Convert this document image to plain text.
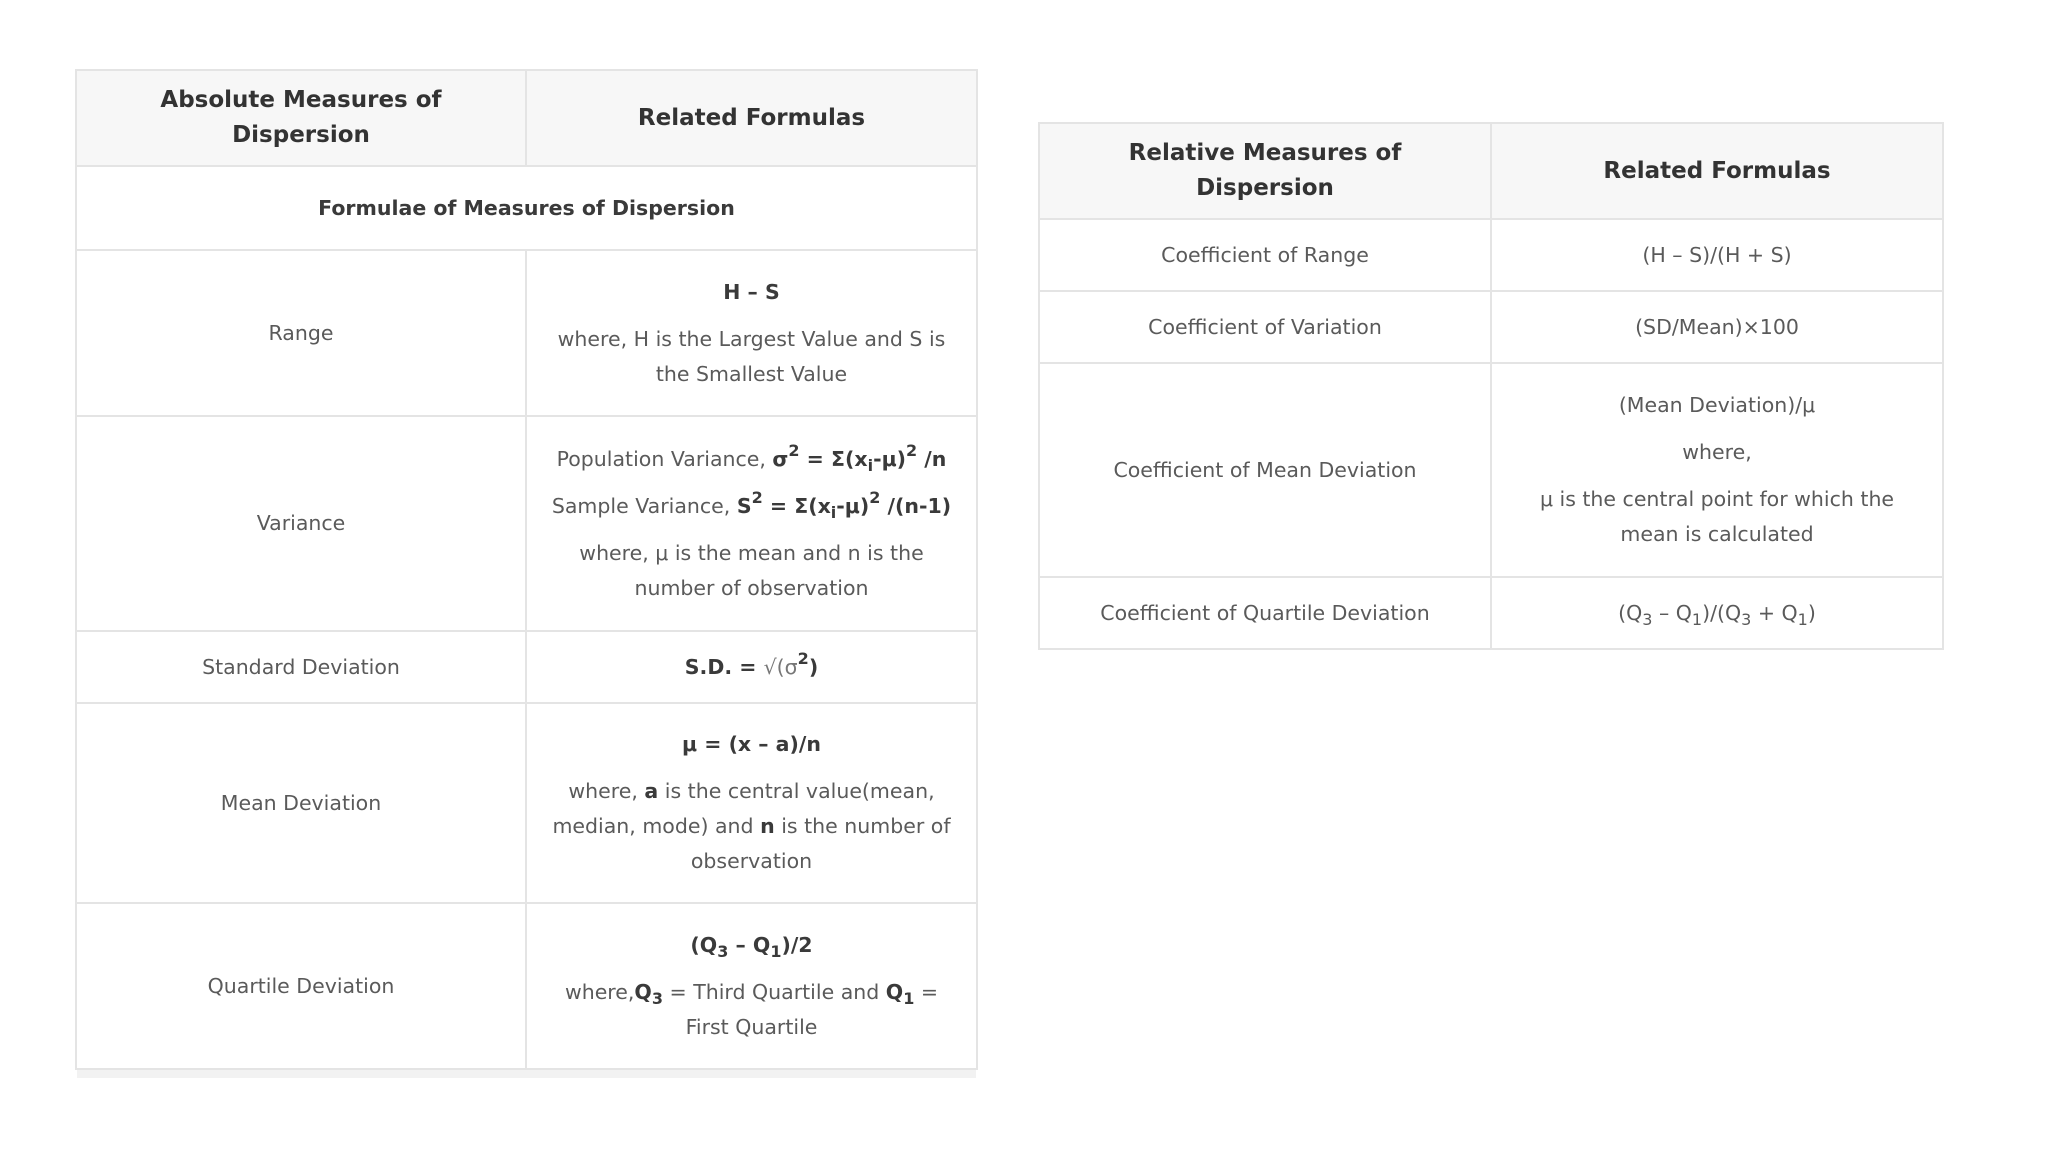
Absolute Measures of Dispersion	Related Formulas
Formulae of Measures of Dispersion	
Range	H – S

where, H is the Largest Value and S is the Smallest Value

Variance	Population Variance, $\sigma^2 = \Sigma(x_i-\mu)^2$ /n

Sample Variance, $S^2 = \Sigma(x_i-\mu)^2$ /(n-1)

where, μ is the mean and n is the number of observation

Standard Deviation	S.D. = $√(\sigma^2)$

Mean Deviation	μ = (x – a)/n

where, a is the central value(mean, median, mode) and n is the number of observation

Quartile Deviation	$(Q_3 - Q_1)/2$

$where,Q_3$ = Third Quartile and $Q_1$ = First Quartile

Relative Measures of Dispersion	Related Formulas
Coefficient of Range	(H – S)/(H + S)
Coefficient of Variation	(SD/Mean)×100
Coefficient of Mean Deviation	(Mean Deviation)/μ

where,

μ is the central point for which the mean is calculated

Coefficient of Quartile Deviation	$(Q_3 - Q_1)/(Q_3 + Q_1)$
